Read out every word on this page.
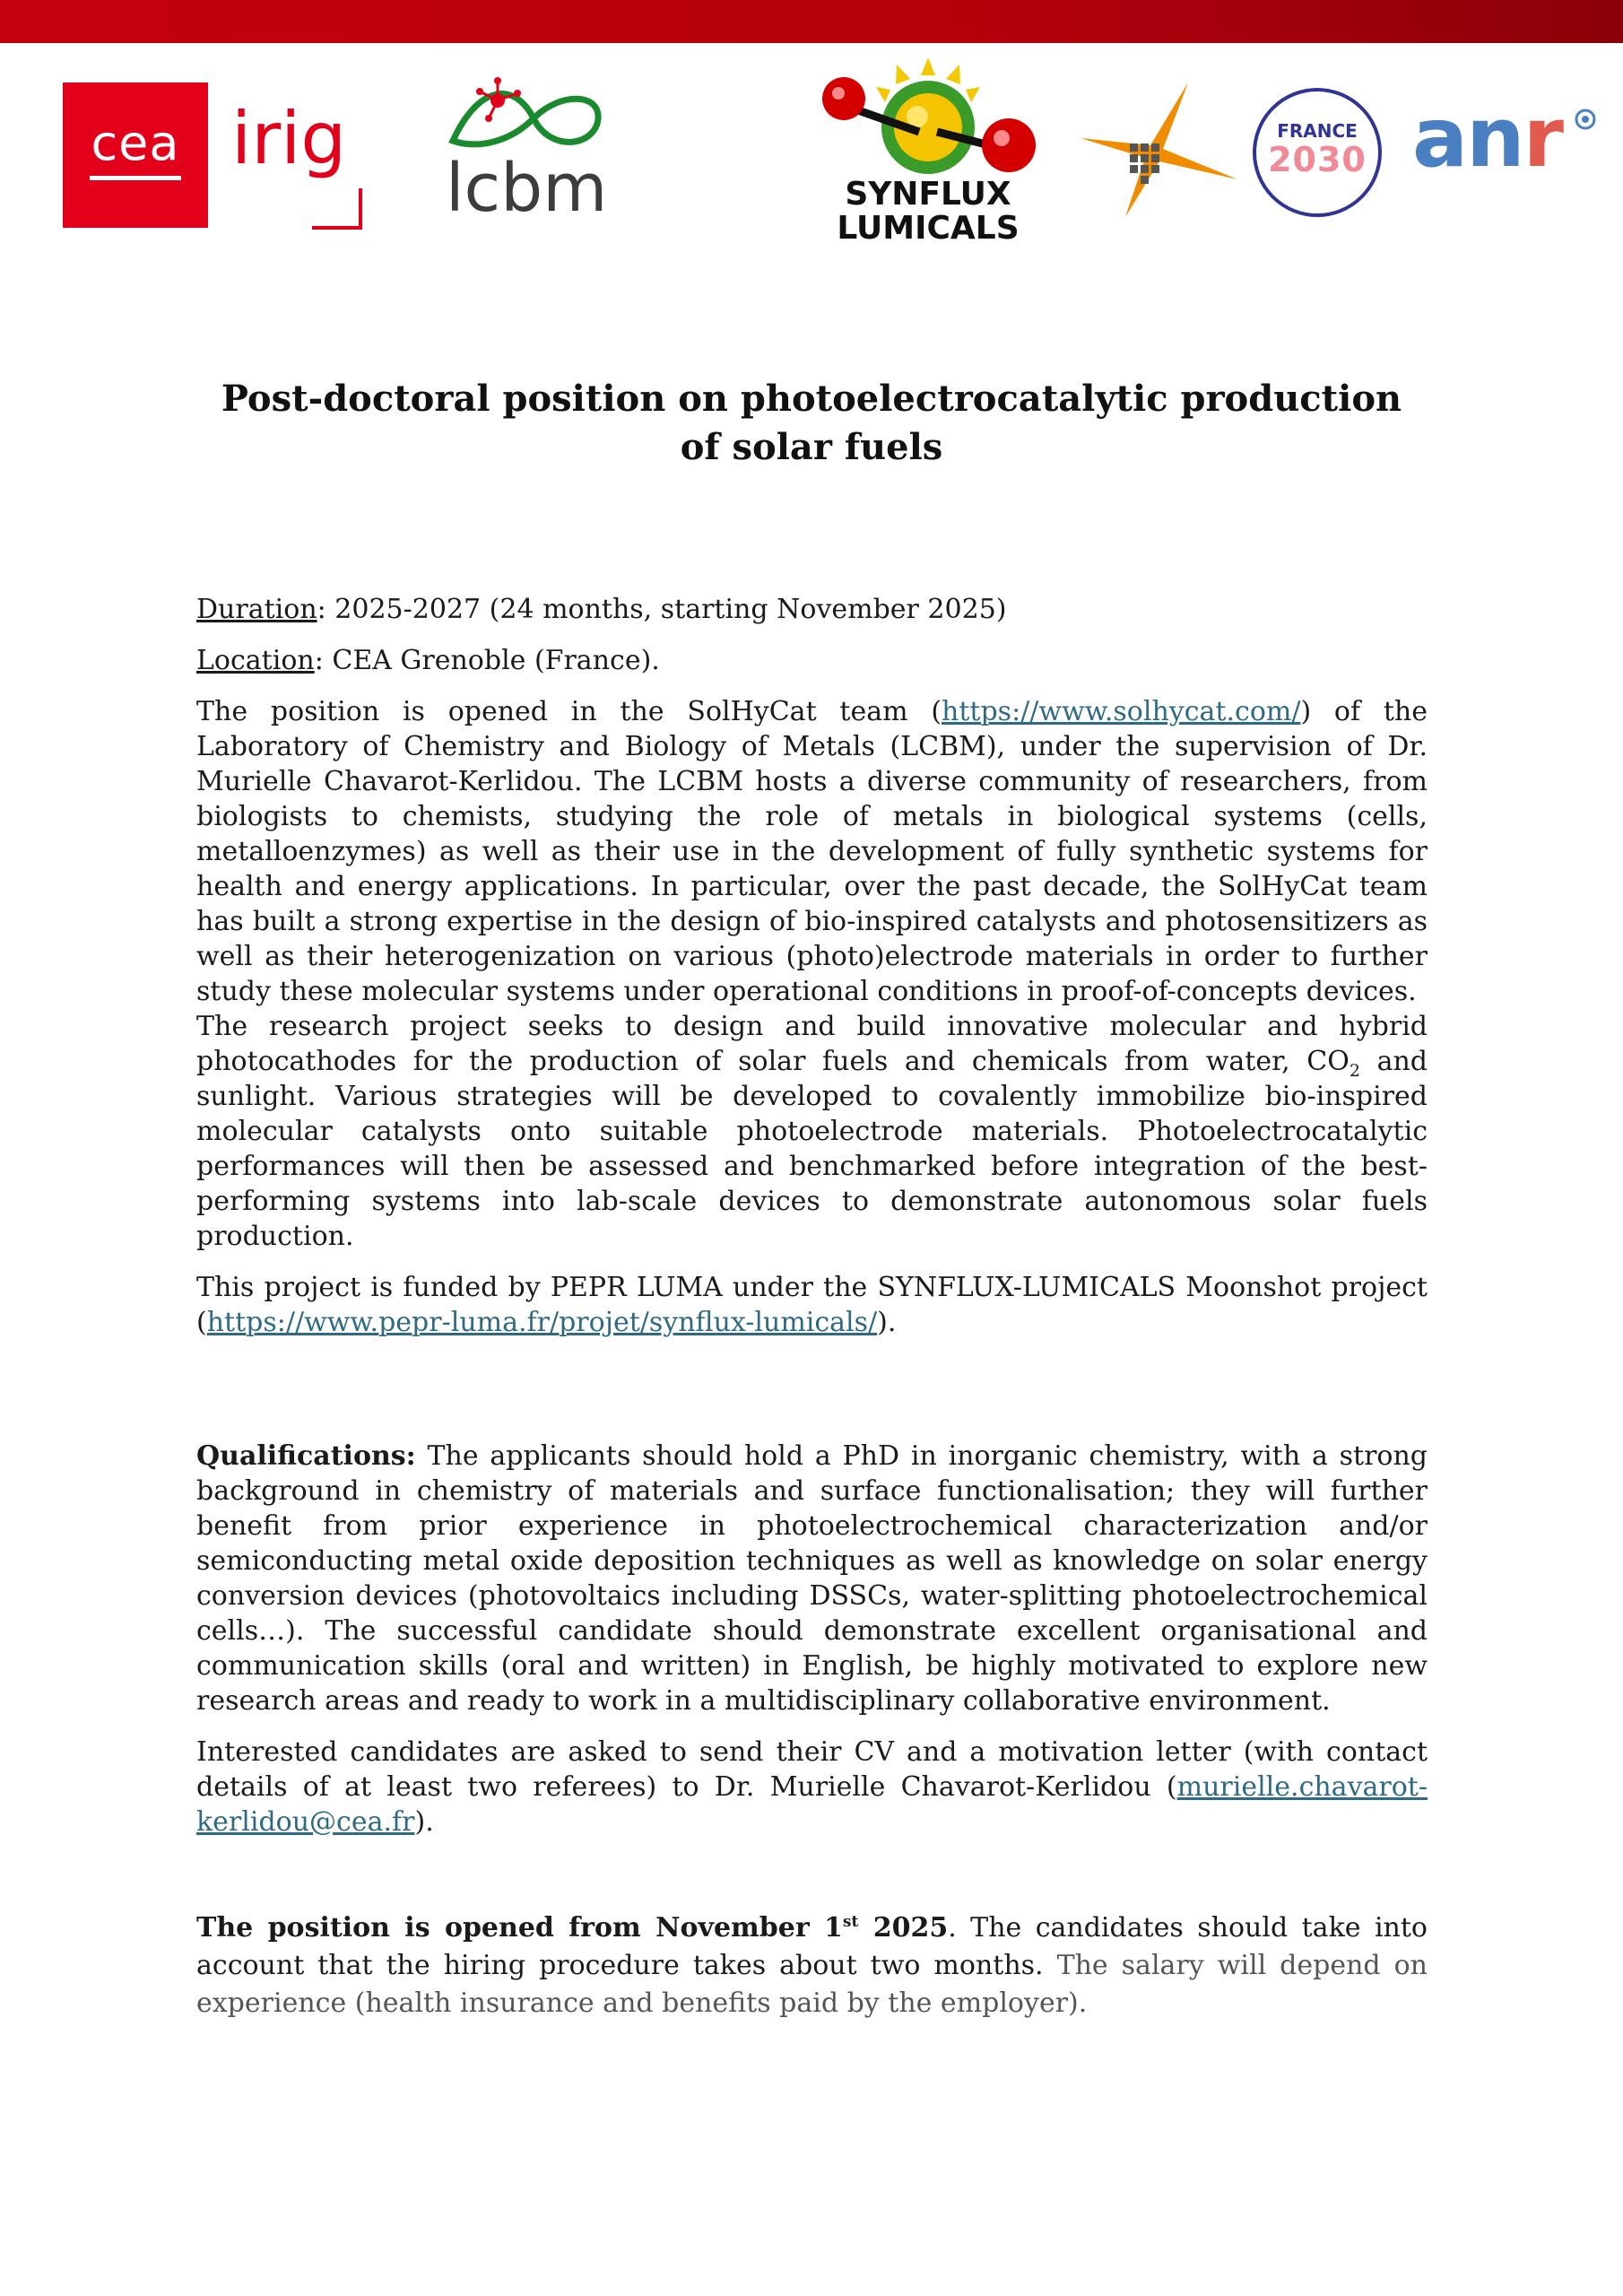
cea irig
lcbm	SYNFLUX
LUMICALS
FRANCE
2030 anr
Post-doctoral position on photoelectrocatalytic production
of solar fuels

Duration: 2025-2027 (24 months, starting November 2025)

Location: CEA Grenoble (France).

The position is opened in the SolHyCat team (https://www.solhycat.com/) of the Laboratory of Chemistry and Biology of Metals (LCBM), under the supervision of Dr. Murielle Chavarot-Kerlidou. The LCBM hosts a diverse community of researchers, from biologists to chemists, studying the role of metals in biological systems (cells, metalloenzymes) as well as their use in the development of fully synthetic systems for health and energy applications. In particular, over the past decade, the SolHyCat team has built a strong expertise in the design of bio-inspired catalysts and photosensitizers as well as their heterogenization on various (photo)electrode materials in order to further study these molecular systems under operational conditions in proof-of-concepts devices.

The research project seeks to design and build innovative molecular and hybrid photocathodes for the production of solar fuels and chemicals from water, $CO_2$ and sunlight. Various strategies will be developed to covalently immobilize bio-inspired molecular catalysts onto suitable photoelectrode materials. Photoelectrocatalytic performances will then be assessed and benchmarked before integration of the best-performing systems into lab-scale devices to demonstrate autonomous solar fuels production.

This project is funded by PEPR LUMA under the SYNFLUX-LUMICALS Moonshot project (https://www.pepr-luma.fr/projet/synflux-lumicals/).

Qualifications: The applicants should hold a PhD in inorganic chemistry, with a strong background in chemistry of materials and surface functionalisation; they will further benefit from prior experience in photoelectrochemical characterization and/or semiconducting metal oxide deposition techniques as well as knowledge on solar energy conversion devices (photovoltaics including DSSCs, water-splitting photoelectrochemical cells…). The successful candidate should demonstrate excellent organisational and communication skills (oral and written) in English, be highly motivated to explore new research areas and ready to work in a multidisciplinary collaborative environment.

Interested candidates are asked to send their CV and a motivation letter (with contact details of at least two referees) to Dr. Murielle Chavarot-Kerlidou (murielle.chavarot-kerlidou@cea.fr).

The position is opened from November 1st 2025. The candidates should take into account that the hiring procedure takes about two months. The salary will depend on experience (health insurance and benefits paid by the employer).
